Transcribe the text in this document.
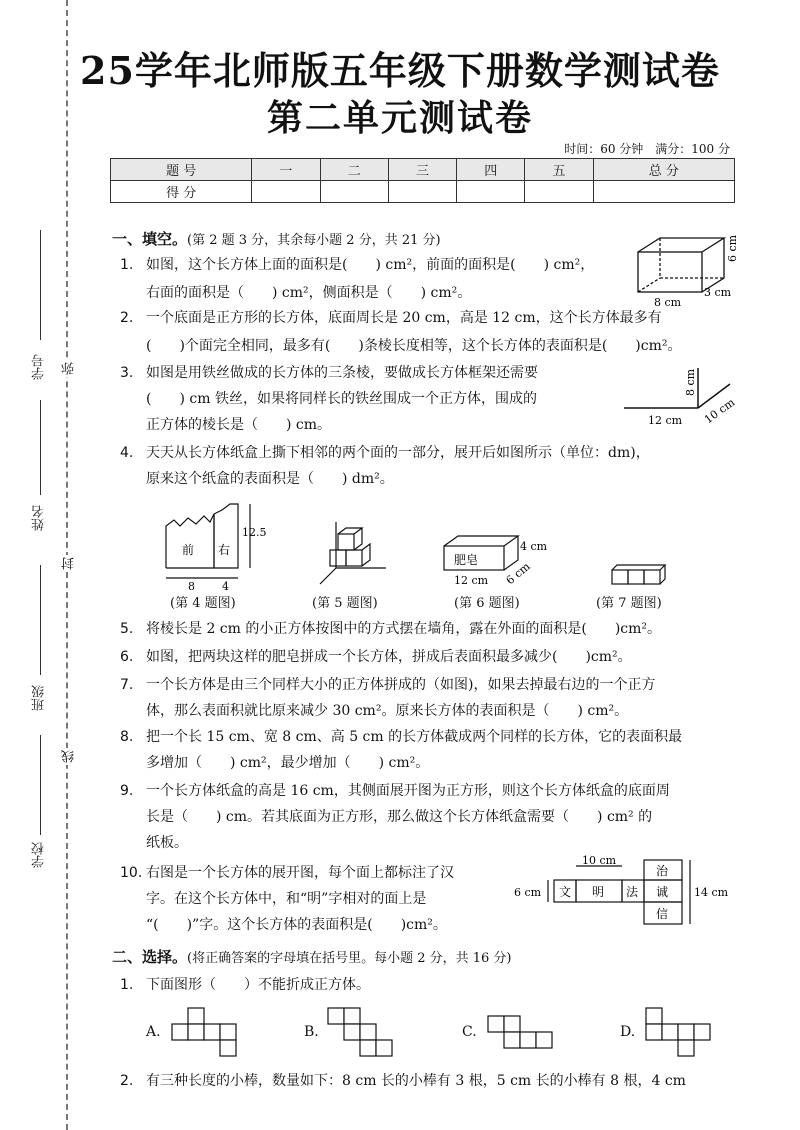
学号
姓名
班级
学校
弥
封
线
25学年北师版五年级下册数学测试卷
第二单元测试卷
时间：60 分钟　满分：100 分
题 号	一	二	三	四	五	总 分
得 分						
一、填空。(第 2 题 3 分，其余每小题 2 分，共 21 分)
1. 如图，这个长方体上面的面积是(　　) cm²，前面的面积是(　　) cm²，
右面的面积是（　　) cm²，侧面积是（　　) cm²。
6 cm
8 cm
3 cm
2. 一个底面是正方形的长方体，底面周长是 20 cm，高是 12 cm，这个长方体最多有
(　　)个面完全相同，最多有(　　)条棱长度相等，这个长方体的表面积是(　　)cm²。
3. 如图是用铁丝做成的长方体的三条棱，要做成长方体框架还需要
(　　) cm 铁丝，如果将同样长的铁丝围成一个正方体，围成的
正方体的棱长是（　　) cm。	12 cm
8 cm
10 cm
4. 天天从长方体纸盒上撕下相邻的两个面的一部分，展开后如图所示（单位：dm)，
原来这个纸盒的表面积是（　　) dm²。
前 右
12.5
8 4
肥皂
4 cm
12 cm 6 cm
(第 4 题图)	(第 5 题图)	(第 6 题图)	(第 7 题图)
5. 将棱长是 2 cm 的小正方体按图中的方式摆在墙角，露在外面的面积是(　　)cm²。
6. 如图，把两块这样的肥皂拼成一个长方体，拼成后表面积最多减少(　　)cm²。
7. 一个长方体是由三个同样大小的正方体拼成的（如图)，如果去掉最右边的一个正方
体，那么表面积就比原来减少 30 cm²。原来长方体的表面积是（　　) cm²。
8. 把一个长 15 cm、宽 8 cm、高 5 cm 的长方体截成两个同样的长方体，它的表面积最
多增加（　　) cm²，最少增加（　　) cm²。
9. 一个长方体纸盒的高是 16 cm，其侧面展开图为正方形，则这个长方体纸盒的底面周
长是（　　) cm。若其底面为正方形，那么做这个长方体纸盒需要（　　) cm² 的
纸板。
10. 右图是一个长方体的展开图，每个面上都标注了汉
字。在这个长方体中，和“明”字相对的面上是
“(　　)”字。这个长方体的表面积是(　　)cm²。
10 cm
6 cm	14 cm
文 明 法
治
诚
信
二、选择。(将正确答案的字母填在括号里。每小题 2 分，共 16 分)
1. 下面图形（　　）不能折成正方体。
A.	B.	C.	D.
2. 有三种长度的小棒，数量如下：8 cm 长的小棒有 3 根，5 cm 长的小棒有 8 根，4 cm
